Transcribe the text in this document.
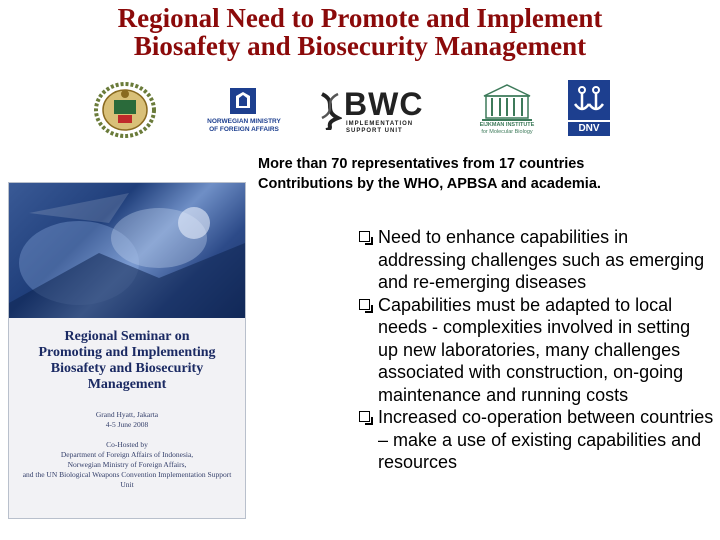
Regional Need to Promote and Implement
Biosafety and Biosecurity Management
NORWEGIAN MINISTRY
OF FOREIGN AFFAIRS
BWC
IMPLEMENTATION
SUPPORT UNIT
EIJKMAN INSTITUTE
for Molecular Biology	DNV
More than 70 representatives from 17 countries
Contributions by the WHO, APBSA and academia.
Regional Seminar on
Promoting and Implementing
Biosafety and Biosecurity
Management
Grand Hyatt, Jakarta
4-5 June 2008
Co-Hosted by
Department of Foreign Affairs of Indonesia,
Norwegian Ministry of Foreign Affairs,
and the UN Biological Weapons Convention Implementation Support Unit
Need to enhance capabilities in addressing challenges such as emerging and re-emerging diseases
Capabilities must be adapted to local needs - complexities involved in setting up new laboratories, many challenges associated with construction, on-going maintenance and running costs
Increased co-operation between countries – make a use of existing capabilities and resources
